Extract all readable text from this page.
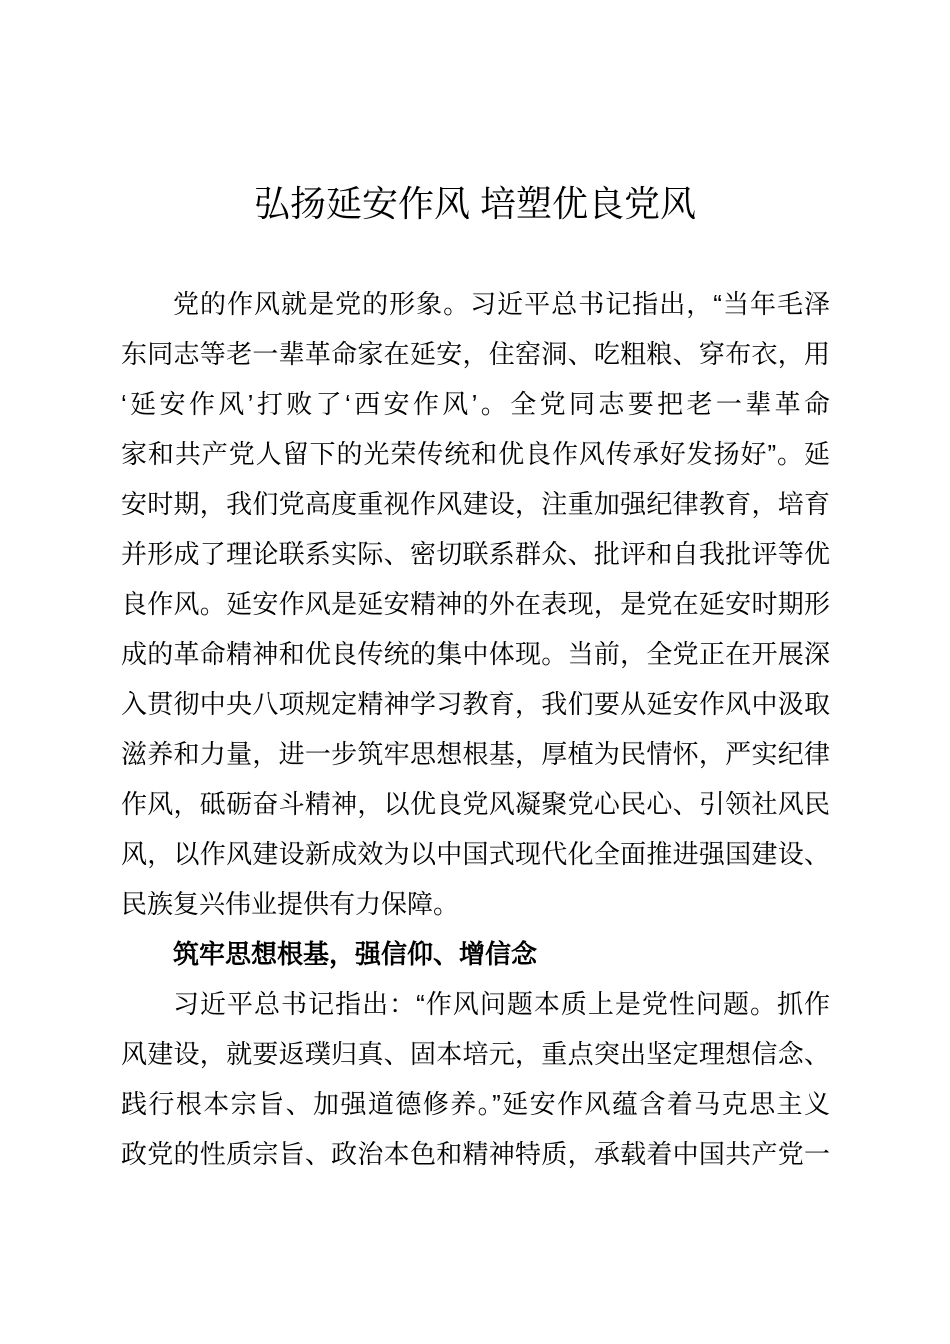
弘扬延安作风 培塑优良党风
党的作风就是党的形象。习近平总书记指出，“当年毛泽
东同志等老一辈革命家在延安，住窑洞、吃粗粮、穿布衣，用
‘延安作风’打败了‘西安作风’。全党同志要把老一辈革命
家和共产党人留下的光荣传统和优良作风传承好发扬好”。延
安时期，我们党高度重视作风建设，注重加强纪律教育，培育
并形成了理论联系实际、密切联系群众、批评和自我批评等优
良作风。延安作风是延安精神的外在表现，是党在延安时期形
成的革命精神和优良传统的集中体现。当前，全党正在开展深
入贯彻中央八项规定精神学习教育，我们要从延安作风中汲取
滋养和力量，进一步筑牢思想根基，厚植为民情怀，严实纪律
作风，砥砺奋斗精神，以优良党风凝聚党心民心、引领社风民
风，以作风建设新成效为以中国式现代化全面推进强国建设、
民族复兴伟业提供有力保障。
筑牢思想根基，强信仰、增信念
习近平总书记指出：“作风问题本质上是党性问题。抓作
风建设，就要返璞归真、固本培元，重点突出坚定理想信念、
践行根本宗旨、加强道德修养。”延安作风蕴含着马克思主义
政党的性质宗旨、政治本色和精神特质，承载着中国共产党一
